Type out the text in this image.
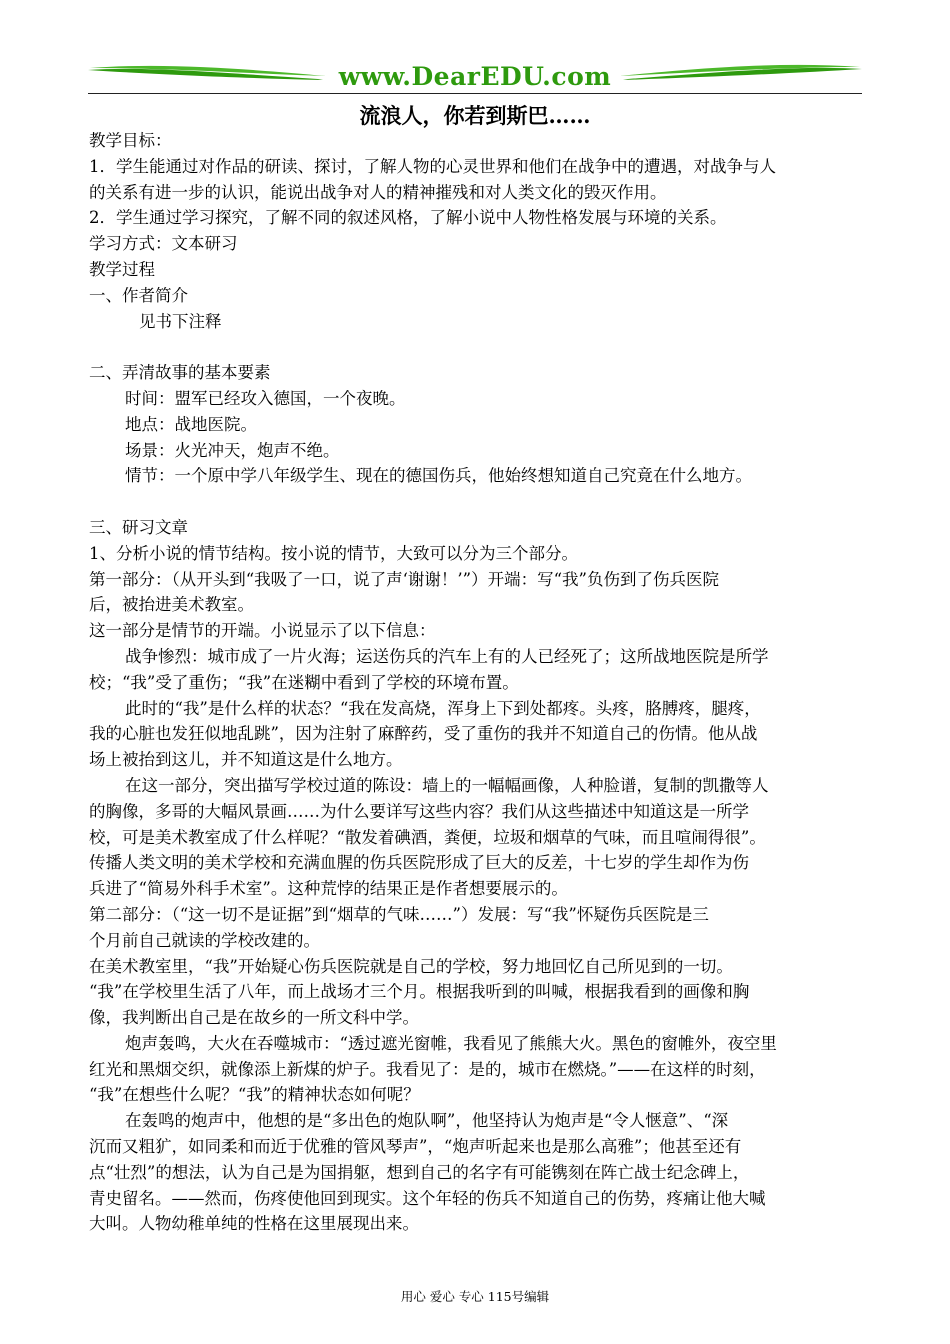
www.DearEDU.com
流浪人，你若到斯巴……
教学目标：
1．学生能通过对作品的研读、探讨，了解人物的心灵世界和他们在战争中的遭遇，对战争与人
的关系有进一步的认识，能说出战争对人的精神摧残和对人类文化的毁灭作用。
2．学生通过学习探究，了解不同的叙述风格，了解小说中人物性格发展与环境的关系。
学习方式：文本研习
教学过程
一、作者简介
见书下注释
二、弄清故事的基本要素
时间：盟军已经攻入德国，一个夜晚。
地点：战地医院。
场景：火光冲天，炮声不绝。
情节：一个原中学八年级学生、现在的德国伤兵，他始终想知道自己究竟在什么地方。
三、研习文章
1、分析小说的情节结构。按小说的情节，大致可以分为三个部分。
第一部分：（从开头到“我吸了一口，说了声‘谢谢！’”）开端：写“我”负伤到了伤兵医院
后，被抬进美术教室。
这一部分是情节的开端。小说显示了以下信息：
战争惨烈：城市成了一片火海；运送伤兵的汽车上有的人已经死了；这所战地医院是所学
校；“我”受了重伤；“我”在迷糊中看到了学校的环境布置。
此时的“我”是什么样的状态？“我在发高烧，浑身上下到处都疼。头疼，胳膊疼，腿疼，
我的心脏也发狂似地乱跳”，因为注射了麻醉药，受了重伤的我并不知道自己的伤情。他从战
场上被抬到这儿，并不知道这是什么地方。
在这一部分，突出描写学校过道的陈设：墙上的一幅幅画像，人种脸谱，复制的凯撒等人
的胸像，多哥的大幅风景画……为什么要详写这些内容？我们从这些描述中知道这是一所学
校，可是美术教室成了什么样呢？“散发着碘酒，粪便，垃圾和烟草的气味，而且喧闹得很”。
传播人类文明的美术学校和充满血腥的伤兵医院形成了巨大的反差，十七岁的学生却作为伤
兵进了“简易外科手术室”。这种荒悖的结果正是作者想要展示的。
第二部分：（“这一切不是证据”到“烟草的气味……”）发展：写“我”怀疑伤兵医院是三
个月前自己就读的学校改建的。
在美术教室里，“我”开始疑心伤兵医院就是自己的学校，努力地回忆自己所见到的一切。
“我”在学校里生活了八年，而上战场才三个月。根据我听到的叫喊，根据我看到的画像和胸
像，我判断出自己是在故乡的一所文科中学。
炮声轰鸣，大火在吞噬城市：“透过遮光窗帷，我看见了熊熊大火。黑色的窗帷外，夜空里
红光和黑烟交织，就像添上新煤的炉子。我看见了：是的，城市在燃烧。”——在这样的时刻，
“我”在想些什么呢？“我”的精神状态如何呢？
在轰鸣的炮声中，他想的是“多出色的炮队啊”，他坚持认为炮声是“令人惬意”、“深
沉而又粗犷，如同柔和而近于优雅的管风琴声”，“炮声听起来也是那么高雅”；他甚至还有
点“壮烈”的想法，认为自己是为国捐躯，想到自己的名字有可能镌刻在阵亡战士纪念碑上，
青史留名。——然而，伤疼使他回到现实。这个年轻的伤兵不知道自己的伤势，疼痛让他大喊
大叫。人物幼稚单纯的性格在这里展现出来。
用心 爱心 专心 115号编辑
